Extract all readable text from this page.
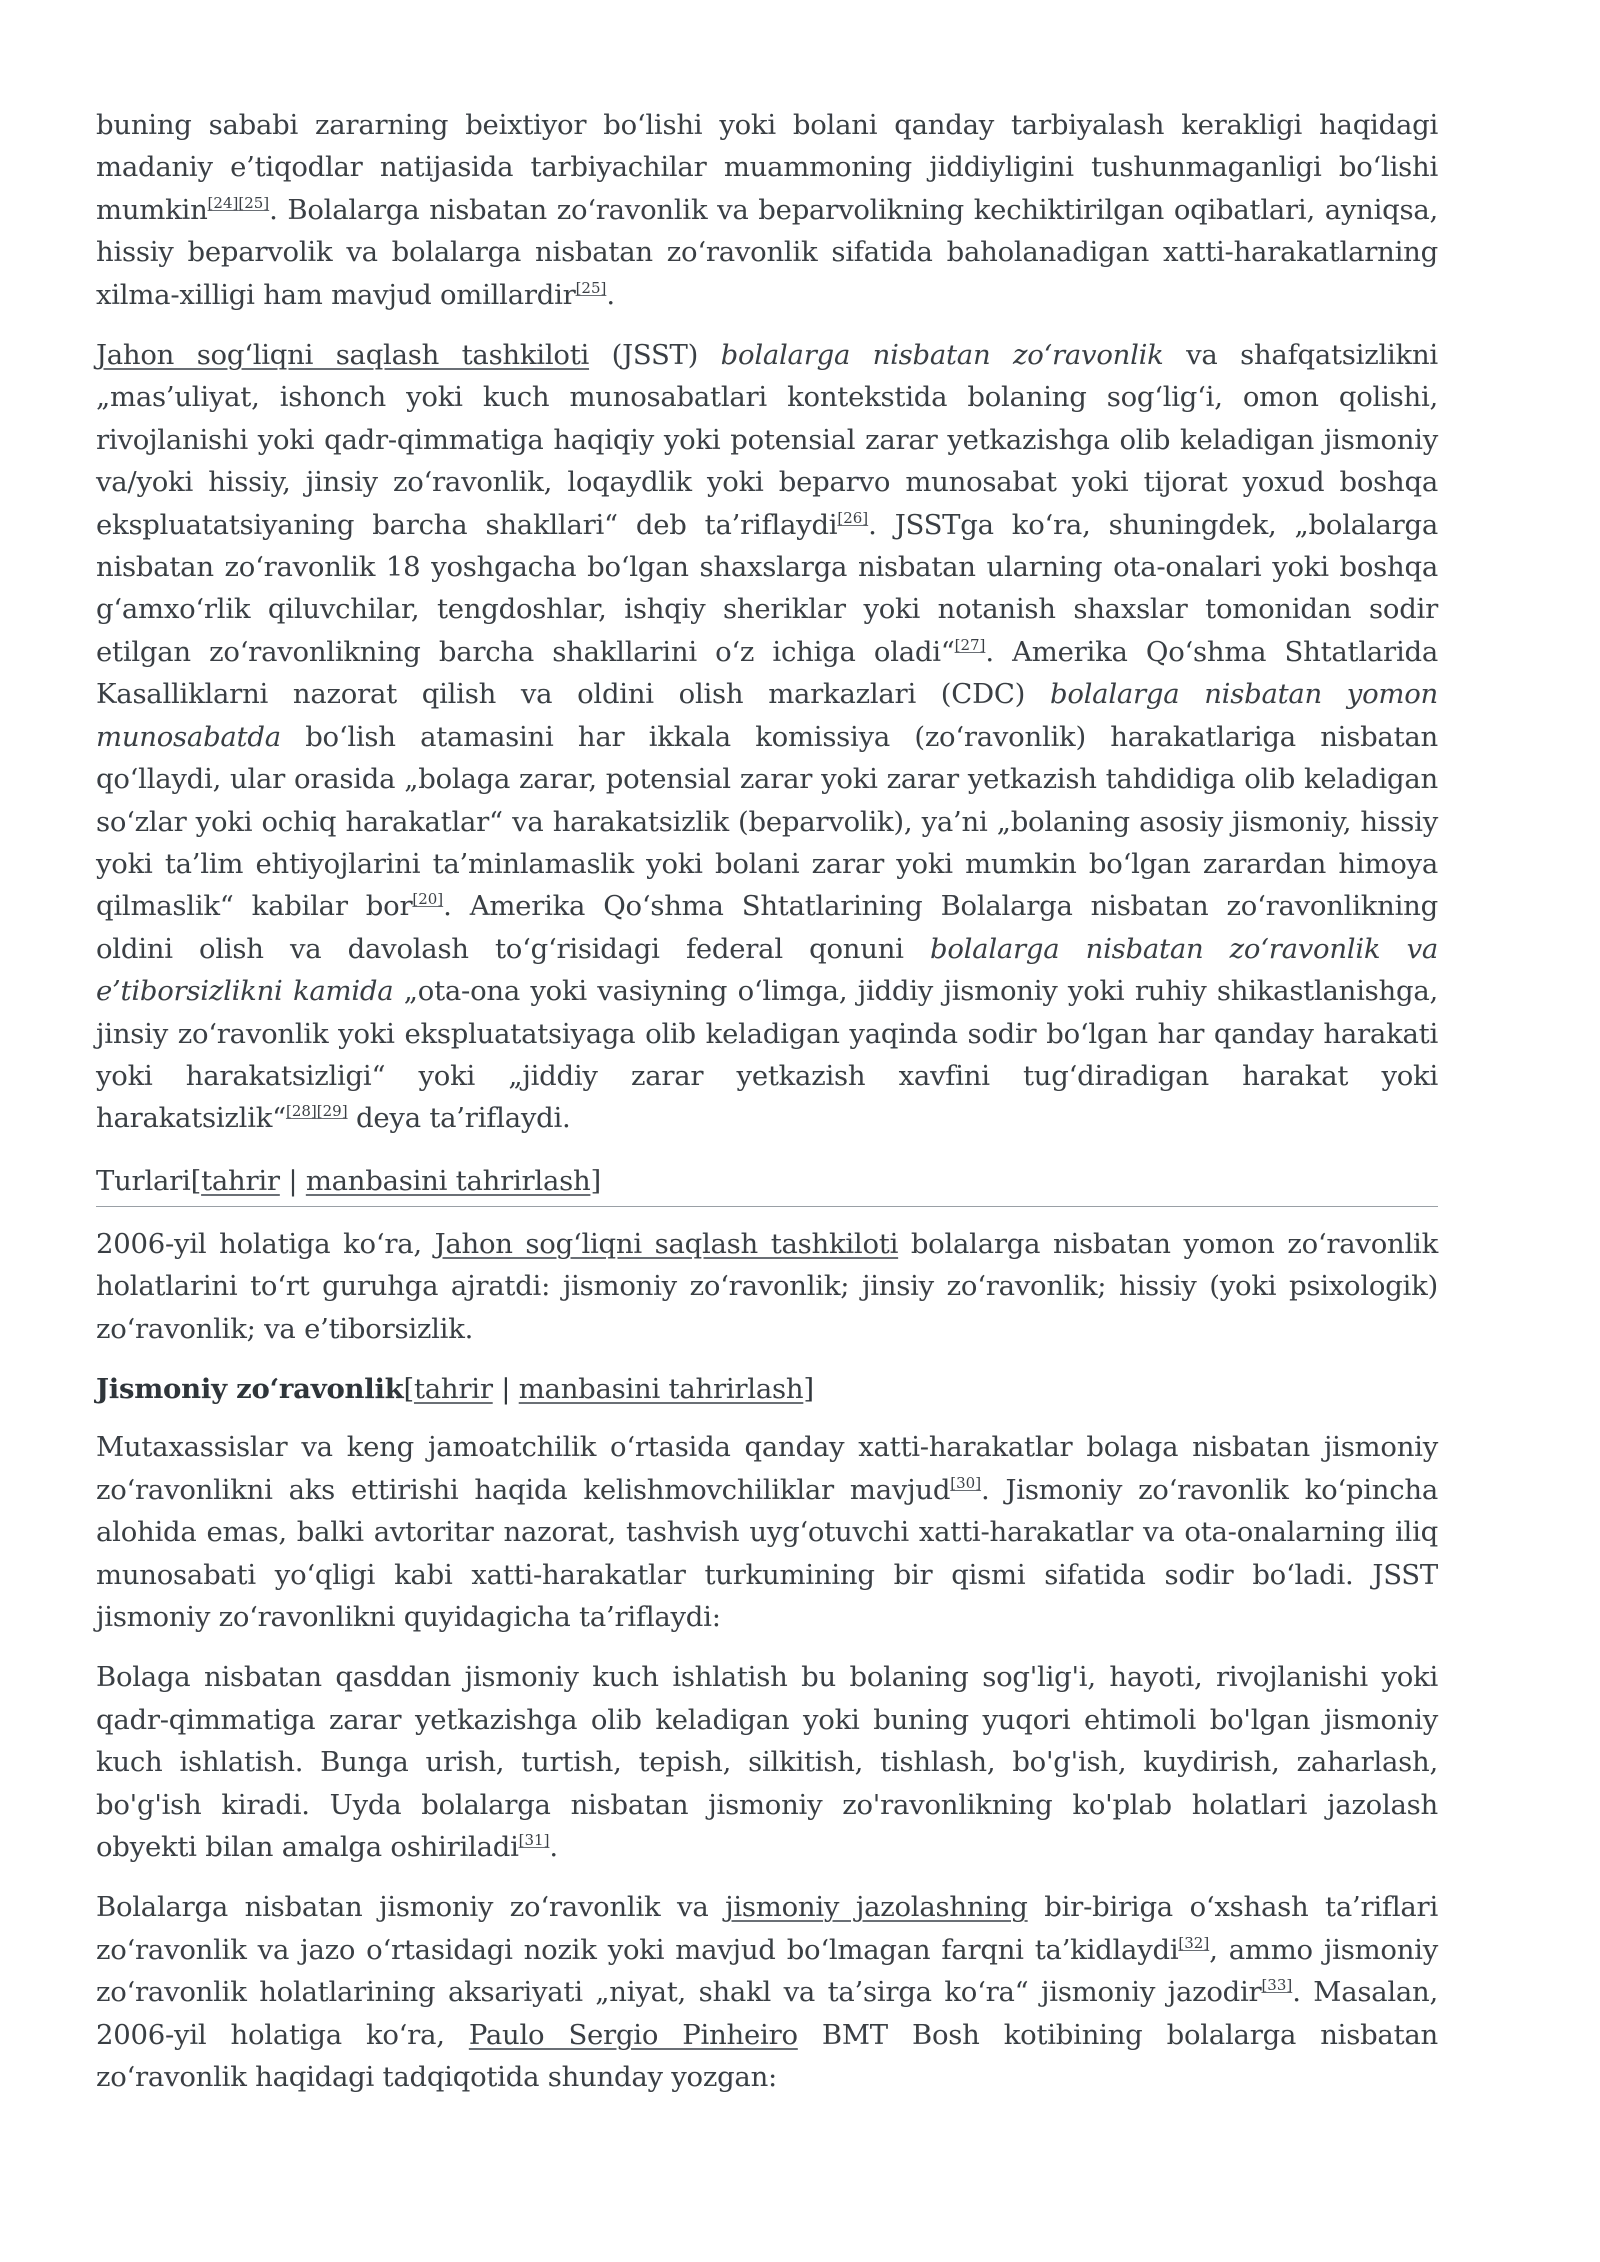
buning sababi zararning beixtiyor bo‘lishi yoki bolani qanday tarbiyalash kerakligi haqidagi madaniy e’tiqodlar natijasida tarbiyachilar muammoning jiddiyligini tushunmaganligi bo‘lishi mumkin[24][25]. Bolalarga nisbatan zo‘ravonlik va beparvolikning kechiktirilgan oqibatlari, ayniqsa, hissiy beparvolik va bolalarga nisbatan zo‘ravonlik sifatida baholanadigan xatti-harakatlarning xilma-xilligi ham mavjud omillardir[25].

Jahon sog‘liqni saqlash tashkiloti (JSST) bolalarga nisbatan zo‘ravonlik va shafqatsizlikni „mas’uliyat, ishonch yoki kuch munosabatlari kontekstida bolaning sog‘lig‘i, omon qolishi, rivojlanishi yoki qadr-qimmatiga haqiqiy yoki potensial zarar yetkazishga olib keladigan jismoniy va/yoki hissiy, jinsiy zo‘ravonlik, loqaydlik yoki beparvo munosabat yoki tijorat yoxud boshqa ekspluatatsiyaning barcha shakllari“ deb ta’riflaydi[26]. JSSTga ko‘ra, shuningdek, „bolalarga nisbatan zo‘ravonlik 18 yoshgacha bo‘lgan shaxslarga nisbatan ularning ota-onalari yoki boshqa g‘amxo‘rlik qiluvchilar, tengdoshlar, ishqiy sheriklar yoki notanish shaxslar tomonidan sodir etilgan zo‘ravonlikning barcha shakllarini o‘z ichiga oladi“[27]. Amerika Qo‘shma Shtatlarida Kasalliklarni nazorat qilish va oldini olish markazlari (CDC) bolalarga nisbatan yomon munosabatda bo‘lish atamasini har ikkala komissiya (zo‘ravonlik) harakatlariga nisbatan qo‘llaydi, ular orasida „bolaga zarar, potensial zarar yoki zarar yetkazish tahdidiga olib keladigan so‘zlar yoki ochiq harakatlar“ va harakatsizlik (beparvolik), ya’ni „bolaning asosiy jismoniy, hissiy yoki ta’lim ehtiyojlarini ta’minlamaslik yoki bolani zarar yoki mumkin bo‘lgan zarardan himoya qilmaslik“ kabilar bor[20]. Amerika Qo‘shma Shtatlarining Bolalarga nisbatan zo‘ravonlikning oldini olish va davolash to‘g‘risidagi federal qonuni bolalarga nisbatan zo‘ravonlik va e’tiborsizlikni kamida „ota-ona yoki vasiyning o‘limga, jiddiy jismoniy yoki ruhiy shikastlanishga, jinsiy zo‘ravonlik yoki ekspluatatsiyaga olib keladigan yaqinda sodir bo‘lgan har qanday harakati yoki harakatsizligi“ yoki „jiddiy zarar yetkazish xavfini tug‘diradigan harakat yoki harakatsizlik“[28][29] deya ta’riflaydi.

Turlari[tahrir | manbasini tahrirlash]

2006-yil holatiga ko‘ra, Jahon sog‘liqni saqlash tashkiloti bolalarga nisbatan yomon zo‘ravonlik holatlarini to‘rt guruhga ajratdi: jismoniy zo‘ravonlik; jinsiy zo‘ravonlik; hissiy (yoki psixologik) zo‘ravonlik; va e’tiborsizlik.

Jismoniy zo‘ravonlik[tahrir | manbasini tahrirlash]

Mutaxassislar va keng jamoatchilik o‘rtasida qanday xatti-harakatlar bolaga nisbatan jismoniy zo‘ravonlikni aks ettirishi haqida kelishmovchiliklar mavjud[30]. Jismoniy zo‘ravonlik ko‘pincha alohida emas, balki avtoritar nazorat, tashvish uyg‘otuvchi xatti-harakatlar va ota-onalarning iliq munosabati yo‘qligi kabi xatti-harakatlar turkumining bir qismi sifatida sodir bo‘ladi. JSST jismoniy zo‘ravonlikni quyidagicha ta’riflaydi:

Bolaga nisbatan qasddan jismoniy kuch ishlatish bu bolaning sog'lig'i, hayoti, rivojlanishi yoki qadr-qimmatiga zarar yetkazishga olib keladigan yoki buning yuqori ehtimoli bo'lgan jismoniy kuch ishlatish. Bunga urish, turtish, tepish, silkitish, tishlash, bo'g'ish, kuydirish, zaharlash, bo'g'ish kiradi. Uyda bolalarga nisbatan jismoniy zo'ravonlikning ko'plab holatlari jazolash obyekti bilan amalga oshiriladi[31].

Bolalarga nisbatan jismoniy zo‘ravonlik va jismoniy jazolashning bir-biriga o‘xshash ta’riflari zo‘ravonlik va jazo o‘rtasidagi nozik yoki mavjud bo‘lmagan farqni ta’kidlaydi[32], ammo jismoniy zo‘ravonlik holatlarining aksariyati „niyat, shakl va ta’sirga ko‘ra“ jismoniy jazodir[33]. Masalan, 2006-yil holatiga ko‘ra, Paulo Sergio Pinheiro BMT Bosh kotibining bolalarga nisbatan zo‘ravonlik haqidagi tadqiqotida shunday yozgan:
